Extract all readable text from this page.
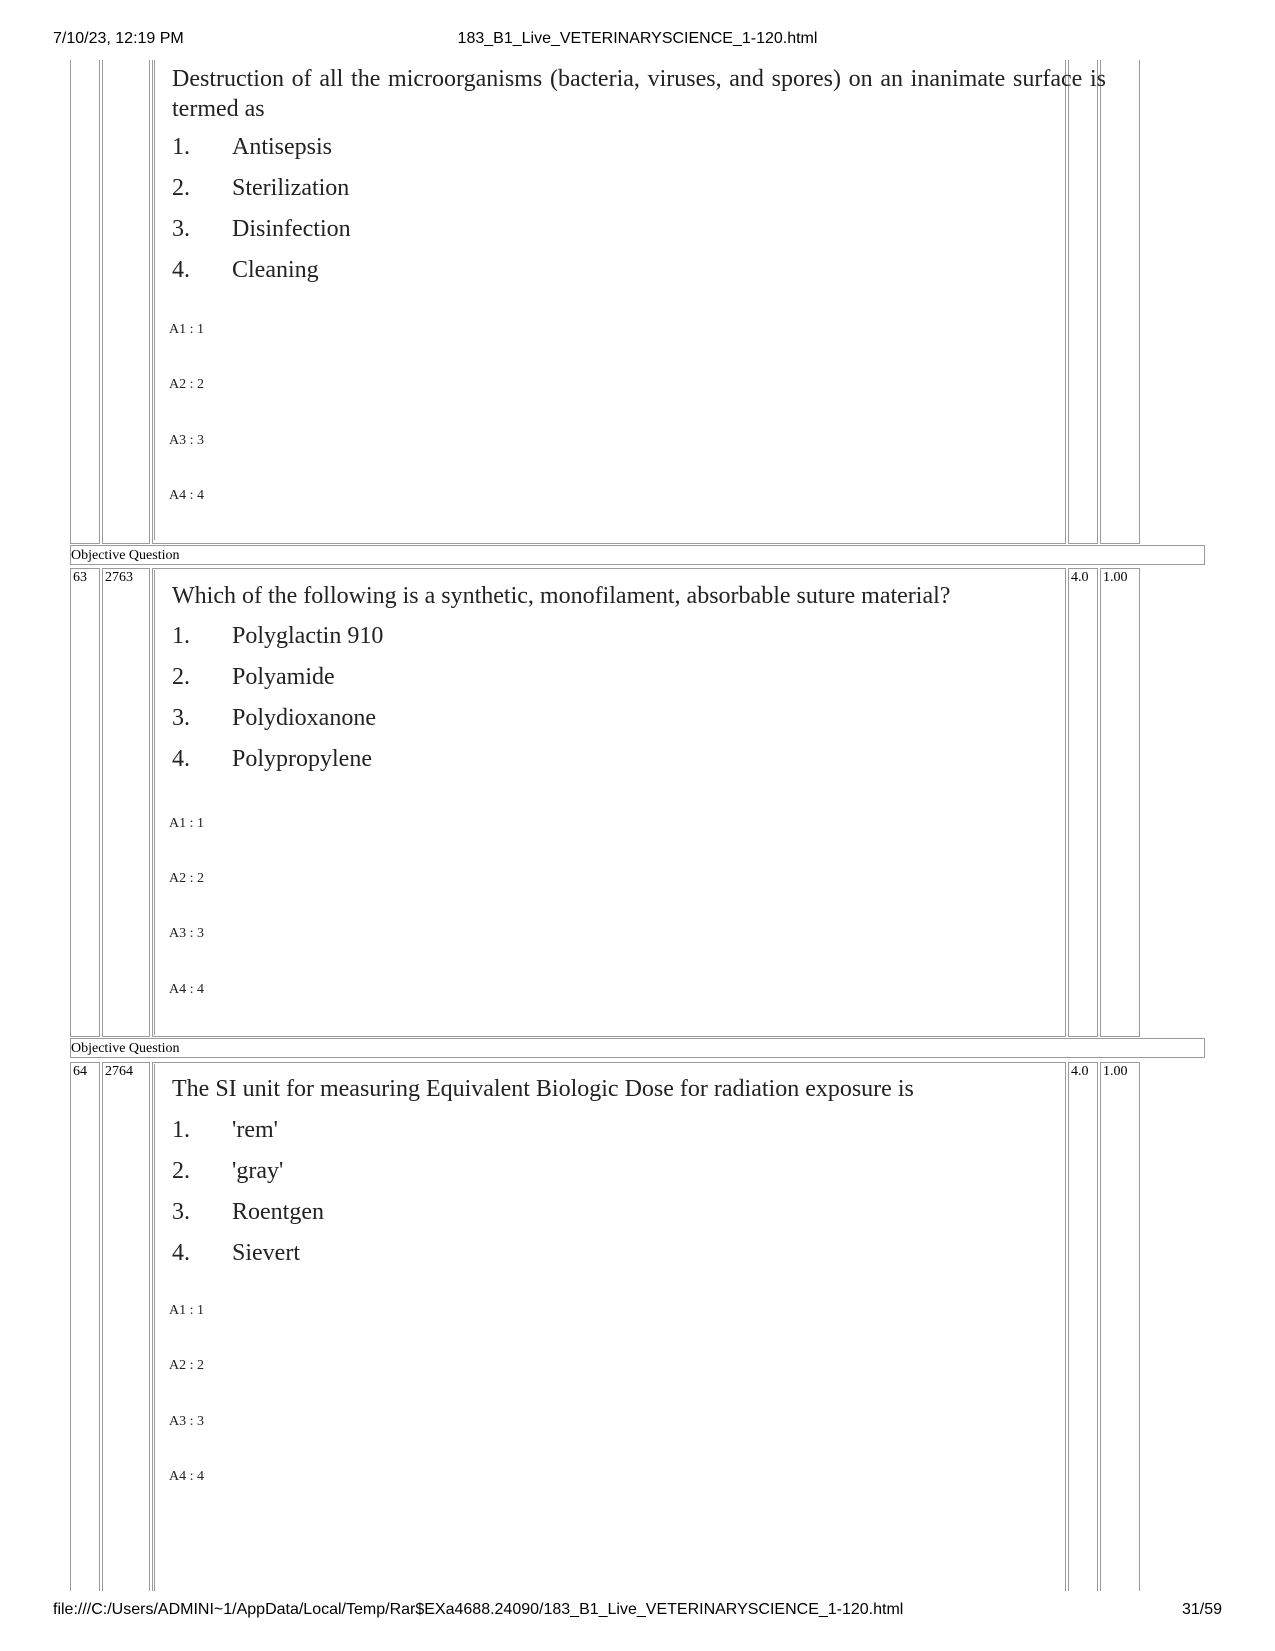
7/10/23, 12:19 PM	183_B1_Live_VETERINARYSCIENCE_1-120.html
Destruction of all the microorganisms (bacteria, viruses, and spores) on an inanimate surface is termed as
1.	Antisepsis
2.	Sterilization
3.	Disinfection
4.	Cleaning
A1 : 1
A2 : 2
A3 : 3
A4 : 4
Objective Question
63 2763	4.0 1.00
Which of the following is a synthetic, monofilament, absorbable suture material?
1.	Polyglactin 910
2.	Polyamide
3.	Polydioxanone
4.	Polypropylene
A1 : 1
A2 : 2
A3 : 3
A4 : 4
Objective Question
64 2764	4.0 1.00
The SI unit for measuring Equivalent Biologic Dose for radiation exposure is
1.	'rem'
2.	'gray'
3.	Roentgen
4.	Sievert
A1 : 1
A2 : 2
A3 : 3
A4 : 4
file:///C:/Users/ADMINI~1/AppData/Local/Temp/Rar$EXa4688.24090/183_B1_Live_VETERINARYSCIENCE_1-120.html	31/59
